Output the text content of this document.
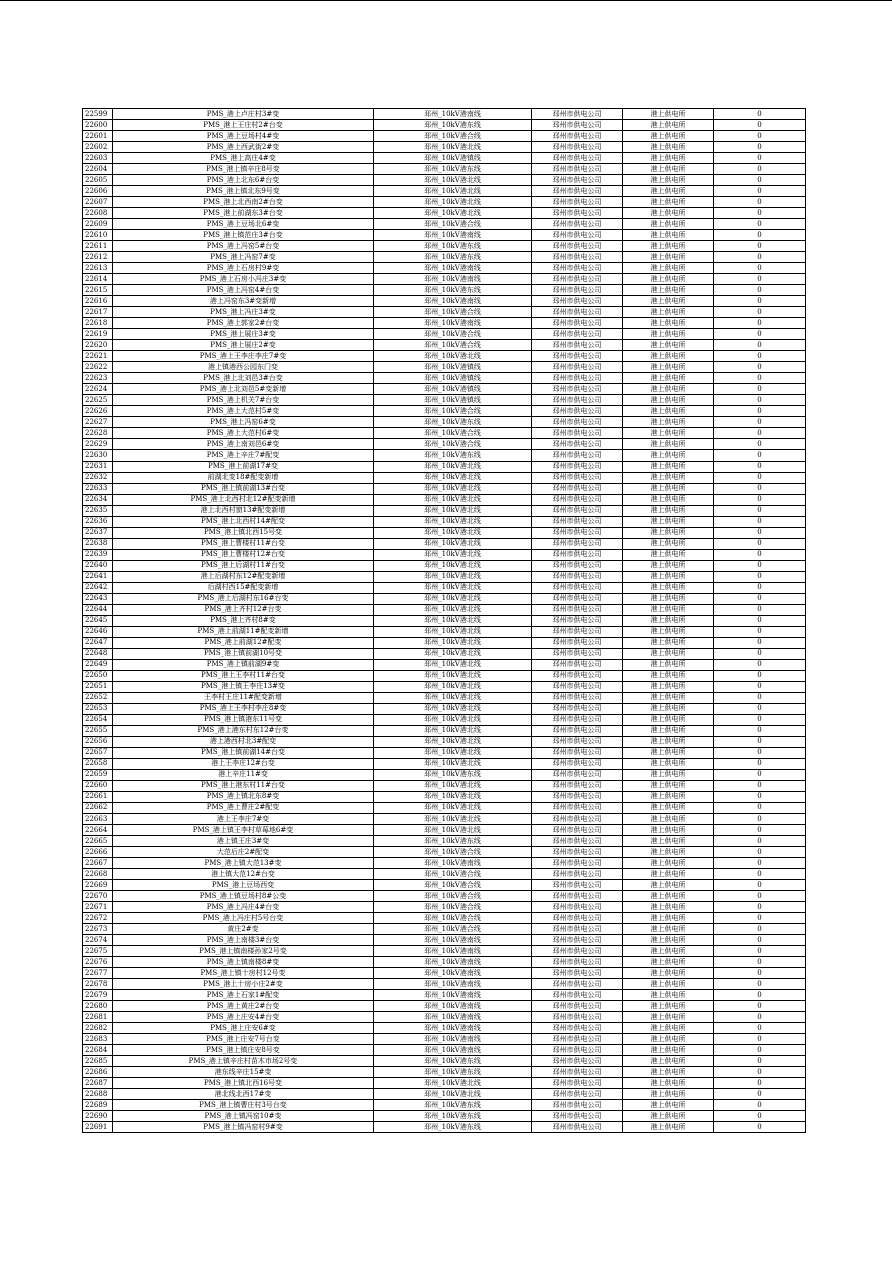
22599	PMS_港上卢庄村3#变	邳州_10kV港南线	邳州市供电公司	港上供电所	0
22600	PMS_港上王庄村2#台变	邳州_10kV港东线	邳州市供电公司	港上供电所	0
22601	PMS_港上豆场村4#变	邳州_10kV港合线	邳州市供电公司	港上供电所	0
22602	PMS_港上西武街2#变	邳州_10kV港北线	邳州市供电公司	港上供电所	0
22603	PMS_港上高庄4#变	邳州_10kV港镇线	邳州市供电公司	港上供电所	0
22604	PMS_港上镇辛庄8号变	邳州_10kV港东线	邳州市供电公司	港上供电所	0
22605	PMS_港上北东6#台变	邳州_10kV港北线	邳州市供电公司	港上供电所	0
22606	PMS_港上镇北东9号变	邳州_10kV港北线	邳州市供电公司	港上供电所	0
22607	PMS_港上北西南2#台变	邳州_10kV港北线	邳州市供电公司	港上供电所	0
22608	PMS_港上前湖东3#台变	邳州_10kV港北线	邳州市供电公司	港上供电所	0
22609	PMS_港上豆场北6#变	邳州_10kV港合线	邳州市供电公司	港上供电所	0
22610	PMS_港上镇范庄3#台变	邳州_10kV港南线	邳州市供电公司	港上供电所	0
22611	PMS_港上冯窑5#台变	邳州_10kV港东线	邳州市供电公司	港上供电所	0
22612	PMS_港上冯窑7#变	邳州_10kV港东线	邳州市供电公司	港上供电所	0
22613	PMS_港上石房村9#变	邳州_10kV港南线	邳州市供电公司	港上供电所	0
22614	PMS_港上石房小冯庄3#变	邳州_10kV港南线	邳州市供电公司	港上供电所	0
22615	PMS_港上冯窑4#台变	邳州_10kV港东线	邳州市供电公司	港上供电所	0
22616	港上冯窑东3#变新增	邳州_10kV港南线	邳州市供电公司	港上供电所	0
22617	PMS_港上冯庄3#变	邳州_10kV港合线	邳州市供电公司	港上供电所	0
22618	PMS_港上郭家2#台变	邳州_10kV港南线	邳州市供电公司	港上供电所	0
22619	PMS_港上展庄3#变	邳州_10kV港合线	邳州市供电公司	港上供电所	0
22620	PMS_港上展庄2#变	邳州_10kV港合线	邳州市供电公司	港上供电所	0
22621	PMS_港上王李庄李庄7#变	邳州_10kV港北线	邳州市供电公司	港上供电所	0
22622	港上镇港西公园东门变	邳州_10kV港镇线	邳州市供电公司	港上供电所	0
22623	PMS_港上北刘邑3#台变	邳州_10kV港镇线	邳州市供电公司	港上供电所	0
22624	PMS_港上北刘邑5#变新增	邳州_10kV港镇线	邳州市供电公司	港上供电所	0
22625	PMS_港上机关7#台变	邳州_10kV港镇线	邳州市供电公司	港上供电所	0
22626	PMS_港上大范村5#变	邳州_10kV港合线	邳州市供电公司	港上供电所	0
22627	PMS_港上冯窑6#变	邳州_10kV港东线	邳州市供电公司	港上供电所	0
22628	PMS_港上大范村6#变	邳州_10kV港合线	邳州市供电公司	港上供电所	0
22629	PMS_港上南刘邑6#变	邳州_10kV港合线	邳州市供电公司	港上供电所	0
22630	PMS_港上辛庄7#配变	邳州_10kV港东线	邳州市供电公司	港上供电所	0
22631	PMS_港上前湖17#变	邳州_10kV港北线	邳州市供电公司	港上供电所	0
22632	前湖北变18#配变新增	邳州_10kV港北线	邳州市供电公司	港上供电所	0
22633	PMS_港上镇前湖13#台变	邳州_10kV港北线	邳州市供电公司	港上供电所	0
22634	PMS_港上北西村北12#配变新增	邳州_10kV港北线	邳州市供电公司	港上供电所	0
22635	港上北西村窗13#配变新增	邳州_10kV港北线	邳州市供电公司	港上供电所	0
22636	PMS_港上北西村14#配变	邳州_10kV港北线	邳州市供电公司	港上供电所	0
22637	PMS_港上镇北西15号变	邳州_10kV港北线	邳州市供电公司	港上供电所	0
22638	PMS_港上曹楼村11#台变	邳州_10kV港北线	邳州市供电公司	港上供电所	0
22639	PMS_港上曹楼村12#台变	邳州_10kV港北线	邳州市供电公司	港上供电所	0
22640	PMS_港上后湖村11#台变	邳州_10kV港北线	邳州市供电公司	港上供电所	0
22641	港上后湖村东12#配变新增	邳州_10kV港北线	邳州市供电公司	港上供电所	0
22642	后湖村西15#配变新增	邳州_10kV港北线	邳州市供电公司	港上供电所	0
22643	PMS_港上后湖村东16#台变	邳州_10kV港北线	邳州市供电公司	港上供电所	0
22644	PMS_港上齐村12#台变	邳州_10kV港北线	邳州市供电公司	港上供电所	0
22645	PMS_港上齐村8#变	邳州_10kV港北线	邳州市供电公司	港上供电所	0
22646	PMS_港上前湖11#配变新增	邳州_10kV港北线	邳州市供电公司	港上供电所	0
22647	PMS_港上前湖12#配变	邳州_10kV港北线	邳州市供电公司	港上供电所	0
22648	PMS_港上镇前湖10号变	邳州_10kV港北线	邳州市供电公司	港上供电所	0
22649	PMS_港上镇前湖9#变	邳州_10kV港北线	邳州市供电公司	港上供电所	0
22650	PMS_港上王李村11#台变	邳州_10kV港北线	邳州市供电公司	港上供电所	0
22651	PMS_港上镇王李庄13#变	邳州_10kV港北线	邳州市供电公司	港上供电所	0
22652	王李村王庄11#配变新增	邳州_10kV港北线	邳州市供电公司	港上供电所	0
22653	PMS_港上王李村李庄8#变	邳州_10kV港北线	邳州市供电公司	港上供电所	0
22654	PMS_港上镇港东11号变	邳州_10kV港北线	邳州市供电公司	港上供电所	0
22655	PMS_港上港东村东12#台变	邳州_10kV港北线	邳州市供电公司	港上供电所	0
22656	港上港西村北3#配变	邳州_10kV港北线	邳州市供电公司	港上供电所	0
22657	PMS_港上镇前湖14#台变	邳州_10kV港北线	邳州市供电公司	港上供电所	0
22658	港上王李庄12#台变	邳州_10kV港北线	邳州市供电公司	港上供电所	0
22659	港上辛庄11#变	邳州_10kV港东线	邳州市供电公司	港上供电所	0
22660	PMS_港上港东村11#台变	邳州_10kV港北线	邳州市供电公司	港上供电所	0
22661	PMS_港上镇北东8#变	邳州_10kV港北线	邳州市供电公司	港上供电所	0
22662	PMS_港上曹庄2#配变	邳州_10kV港北线	邳州市供电公司	港上供电所	0
22663	港上王李庄7#变	邳州_10kV港北线	邳州市供电公司	港上供电所	0
22664	PMS_港上镇王李村草莓地6#变	邳州_10kV港北线	邳州市供电公司	港上供电所	0
22665	港上镇王庄3#变	邳州_10kV港东线	邳州市供电公司	港上供电所	0
22666	大范后庄2#配变	邳州_10kV港合线	邳州市供电公司	港上供电所	0
22667	PMS_港上镇大范13#变	邳州_10kV港南线	邳州市供电公司	港上供电所	0
22668	港上镇大范12#台变	邳州_10kV港合线	邳州市供电公司	港上供电所	0
22669	PMS_港上豆场西变	邳州_10kV港合线	邳州市供电公司	港上供电所	0
22670	PMS_港上镇豆场村8#公变	邳州_10kV港合线	邳州市供电公司	港上供电所	0
22671	PMS_港上冯庄4#台变	邳州_10kV港合线	邳州市供电公司	港上供电所	0
22672	PMS_港上冯庄村5号台变	邳州_10kV港合线	邳州市供电公司	港上供电所	0
22673	黄庄2#变	邳州_10kV港合线	邳州市供电公司	港上供电所	0
22674	PMS_港上南楼3#台变	邳州_10kV港南线	邳州市供电公司	港上供电所	0
22675	PMS_港上镇南楼孙家2号变	邳州_10kV港南线	邳州市供电公司	港上供电所	0
22676	PMS_港上镇南楼8#变	邳州_10kV港南线	邳州市供电公司	港上供电所	0
22677	PMS_港上镇十房村12号变	邳州_10kV港南线	邳州市供电公司	港上供电所	0
22678	PMS_港上十房小庄2#变	邳州_10kV港南线	邳州市供电公司	港上供电所	0
22679	PMS_港上石家1#配变	邳州_10kV港南线	邳州市供电公司	港上供电所	0
22680	PMS_港上黄庄2#台变	邳州_10kV港南线	邳州市供电公司	港上供电所	0
22681	PMS_港上庄安4#台变	邳州_10kV港南线	邳州市供电公司	港上供电所	0
22682	PMS_港上庄安6#变	邳州_10kV港南线	邳州市供电公司	港上供电所	0
22683	PMS_港上庄安7号台变	邳州_10kV港南线	邳州市供电公司	港上供电所	0
22684	PMS_港上镇庄安8号变	邳州_10kV港南线	邳州市供电公司	港上供电所	0
22685	PMS_港上镇辛庄村苗木市场2号变	邳州_10kV港东线	邳州市供电公司	港上供电所	0
22686	港东线辛庄15#变	邳州_10kV港东线	邳州市供电公司	港上供电所	0
22687	PMS_港上镇北西16号变	邳州_10kV港北线	邳州市供电公司	港上供电所	0
22688	港北线北西17#变	邳州_10kV港北线	邳州市供电公司	港上供电所	0
22689	PMS_港上镇曹庄村3号台变	邳州_10kV港东线	邳州市供电公司	港上供电所	0
22690	PMS_港上镇冯窑10#变	邳州_10kV港东线	邳州市供电公司	港上供电所	0
22691	PMS_港上镇冯窑村9#变	邳州_10kV港东线	邳州市供电公司	港上供电所	0
